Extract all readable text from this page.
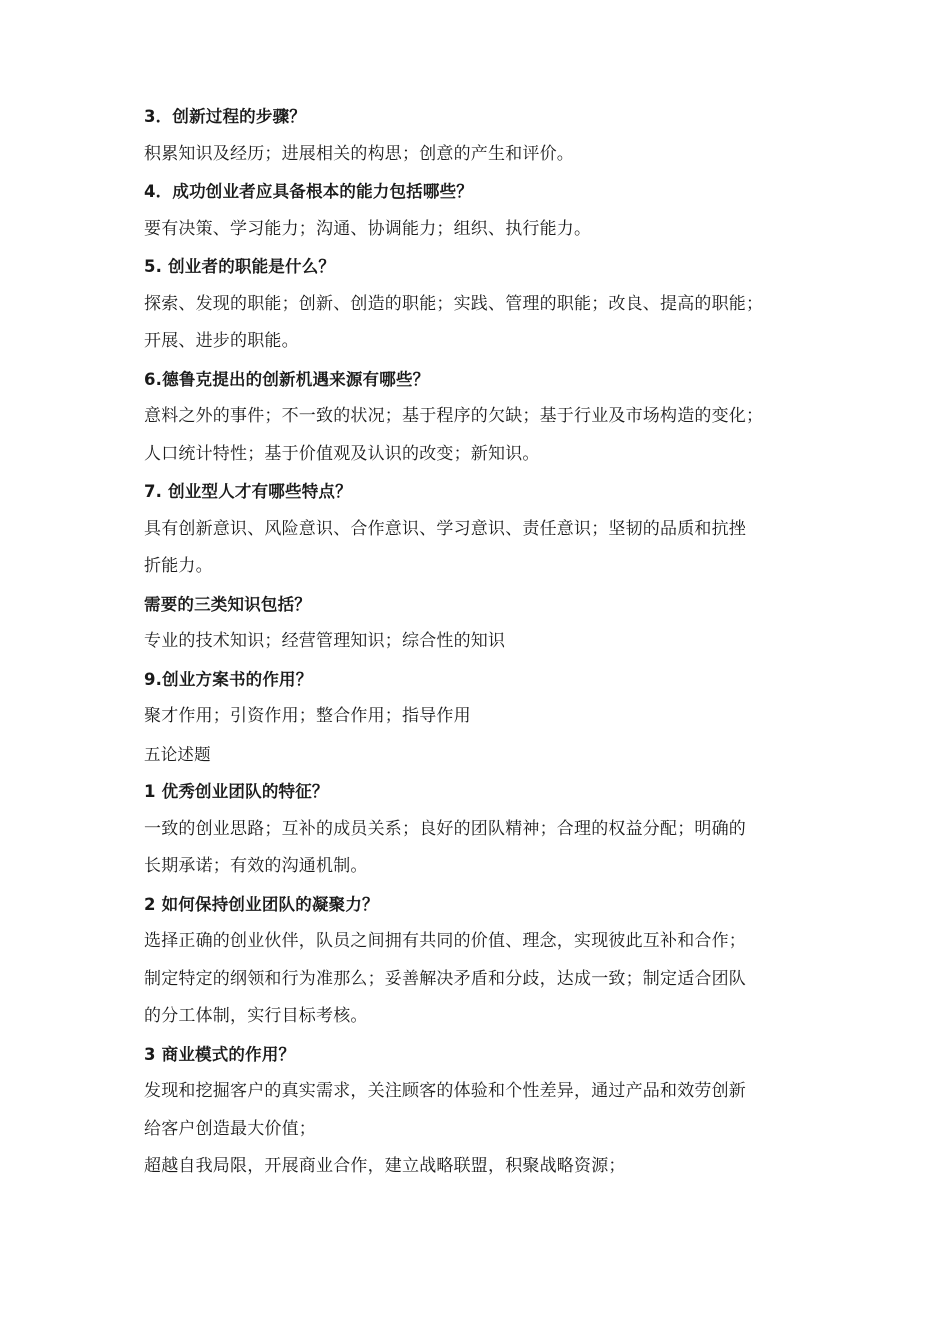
3．创新过程的步骤？
积累知识及经历；进展相关的构思；创意的产生和评价。
4．成功创业者应具备根本的能力包括哪些？
要有决策、学习能力；沟通、协调能力；组织、执行能力。
5. 创业者的职能是什么？
探索、发现的职能；创新、创造的职能；实践、管理的职能；改良、提高的职能；
开展、进步的职能。
6.德鲁克提出的创新机遇来源有哪些？
意料之外的事件；不一致的状况；基于程序的欠缺；基于行业及市场构造的变化；
人口统计特性；基于价值观及认识的改变；新知识。
7. 创业型人才有哪些特点？
具有创新意识、风险意识、合作意识、学习意识、责任意识；坚韧的品质和抗挫
折能力。
需要的三类知识包括？
专业的技术知识；经营管理知识；综合性的知识
9.创业方案书的作用？
聚才作用；引资作用；整合作用；指导作用
五论述题
1 优秀创业团队的特征？
一致的创业思路；互补的成员关系；良好的团队精神；合理的权益分配；明确的
长期承诺；有效的沟通机制。
2 如何保持创业团队的凝聚力？
选择正确的创业伙伴，队员之间拥有共同的价值、理念，实现彼此互补和合作；
制定特定的纲领和行为准那么；妥善解决矛盾和分歧，达成一致；制定适合团队
的分工体制，实行目标考核。
3 商业模式的作用？
发现和挖掘客户的真实需求，关注顾客的体验和个性差异，通过产品和效劳创新
给客户创造最大价值；
超越自我局限，开展商业合作，建立战略联盟，积聚战略资源；
